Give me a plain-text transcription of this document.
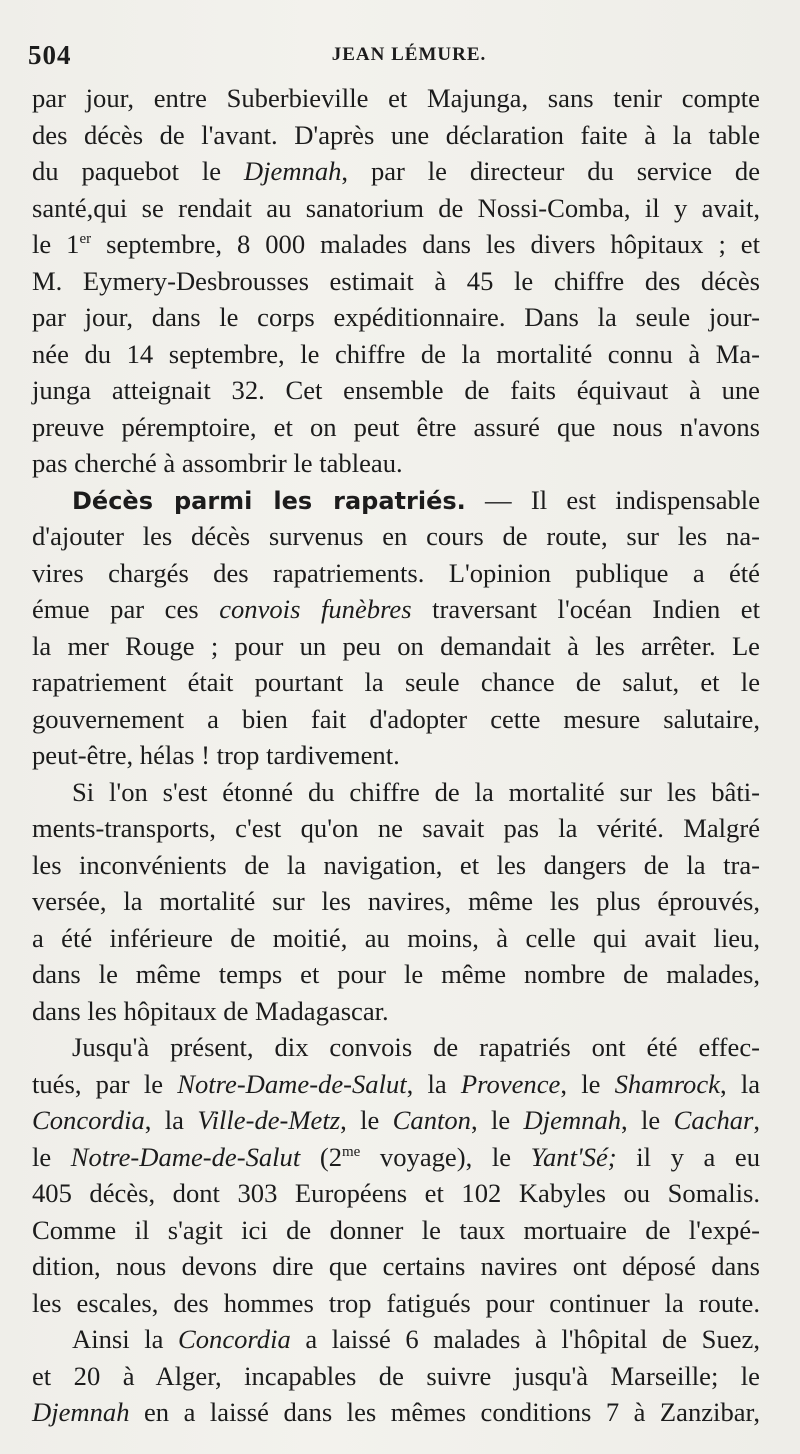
504	JEAN LÉMURE.
par jour, entre Suberbieville et Majunga, sans tenir compte
des décès de l'avant. D'après une déclaration faite à la table
du paquebot le Djemnah, par le directeur du service de
santé,qui se rendait au sanatorium de Nossi-Comba, il y avait,
le 1er septembre, 8 000 malades dans les divers hôpitaux ; et
M. Eymery-Desbrousses estimait à 45 le chiffre des décès
par jour, dans le corps expéditionnaire. Dans la seule jour-
née du 14 septembre, le chiffre de la mortalité connu à Ma-
junga atteignait 32. Cet ensemble de faits équivaut à une
preuve péremptoire, et on peut être assuré que nous n'avons
pas cherché à assombrir le tableau.
Décès parmi les rapatriés. — Il est indispensable
d'ajouter les décès survenus en cours de route, sur les na-
vires chargés des rapatriements. L'opinion publique a été
émue par ces convois funèbres traversant l'océan Indien et
la mer Rouge ; pour un peu on demandait à les arrêter. Le
rapatriement était pourtant la seule chance de salut, et le
gouvernement a bien fait d'adopter cette mesure salutaire,
peut-être, hélas ! trop tardivement.
Si l'on s'est étonné du chiffre de la mortalité sur les bâti-
ments-transports, c'est qu'on ne savait pas la vérité. Malgré
les inconvénients de la navigation, et les dangers de la tra-
versée, la mortalité sur les navires, même les plus éprouvés,
a été inférieure de moitié, au moins, à celle qui avait lieu,
dans le même temps et pour le même nombre de malades,
dans les hôpitaux de Madagascar.
Jusqu'à présent, dix convois de rapatriés ont été effec-
tués, par le Notre-Dame-de-Salut, la Provence, le Shamrock, la
Concordia, la Ville-de-Metz, le Canton, le Djemnah, le Cachar,
le Notre-Dame-de-Salut ($2^{me}$ voyage), le Yant'Sé; il y a eu
405 décès, dont 303 Européens et 102 Kabyles ou Somalis.
Comme il s'agit ici de donner le taux mortuaire de l'expé-
dition, nous devons dire que certains navires ont déposé dans
les escales, des hommes trop fatigués pour continuer la route.
Ainsi la Concordia a laissé 6 malades à l'hôpital de Suez,
et 20 à Alger, incapables de suivre jusqu'à Marseille; le
Djemnah en a laissé dans les mêmes conditions 7 à Zanzibar,
